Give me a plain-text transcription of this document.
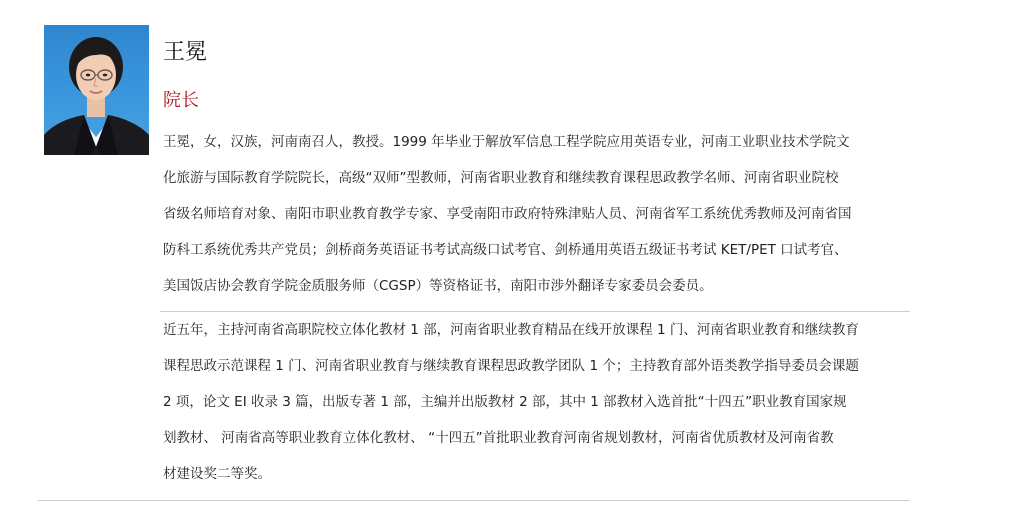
王冕
院长
王冕，女，汉族，河南南召人，教授。1999 年毕业于解放军信息工程学院应用英语专业，河南工业职业技术学院文
化旅游与国际教育学院院长，高级“双师”型教师，河南省职业教育和继续教育课程思政教学名师、河南省职业院校
省级名师培育对象、南阳市职业教育教学专家、享受南阳市政府特殊津贴人员、河南省军工系统优秀教师及河南省国
防科工系统优秀共产党员；剑桥商务英语证书考试高级口试考官、剑桥通用英语五级证书考试 KET/PET 口试考官、
美国饭店协会教育学院金质服务师（CGSP）等资格证书，南阳市涉外翻译专家委员会委员。
近五年，主持河南省高职院校立体化教材 1 部，河南省职业教育精品在线开放课程 1 门、河南省职业教育和继续教育
课程思政示范课程 1 门、河南省职业教育与继续教育课程思政教学团队 1 个；主持教育部外语类教学指导委员会课题
2 项，论文 EI 收录 3 篇，出版专著 1 部，主编并出版教材 2 部，其中 1 部教材入选首批“十四五”职业教育国家规
划教材、 河南省高等职业教育立体化教材、 “十四五”首批职业教育河南省规划教材，河南省优质教材及河南省教
材建设奖二等奖。
